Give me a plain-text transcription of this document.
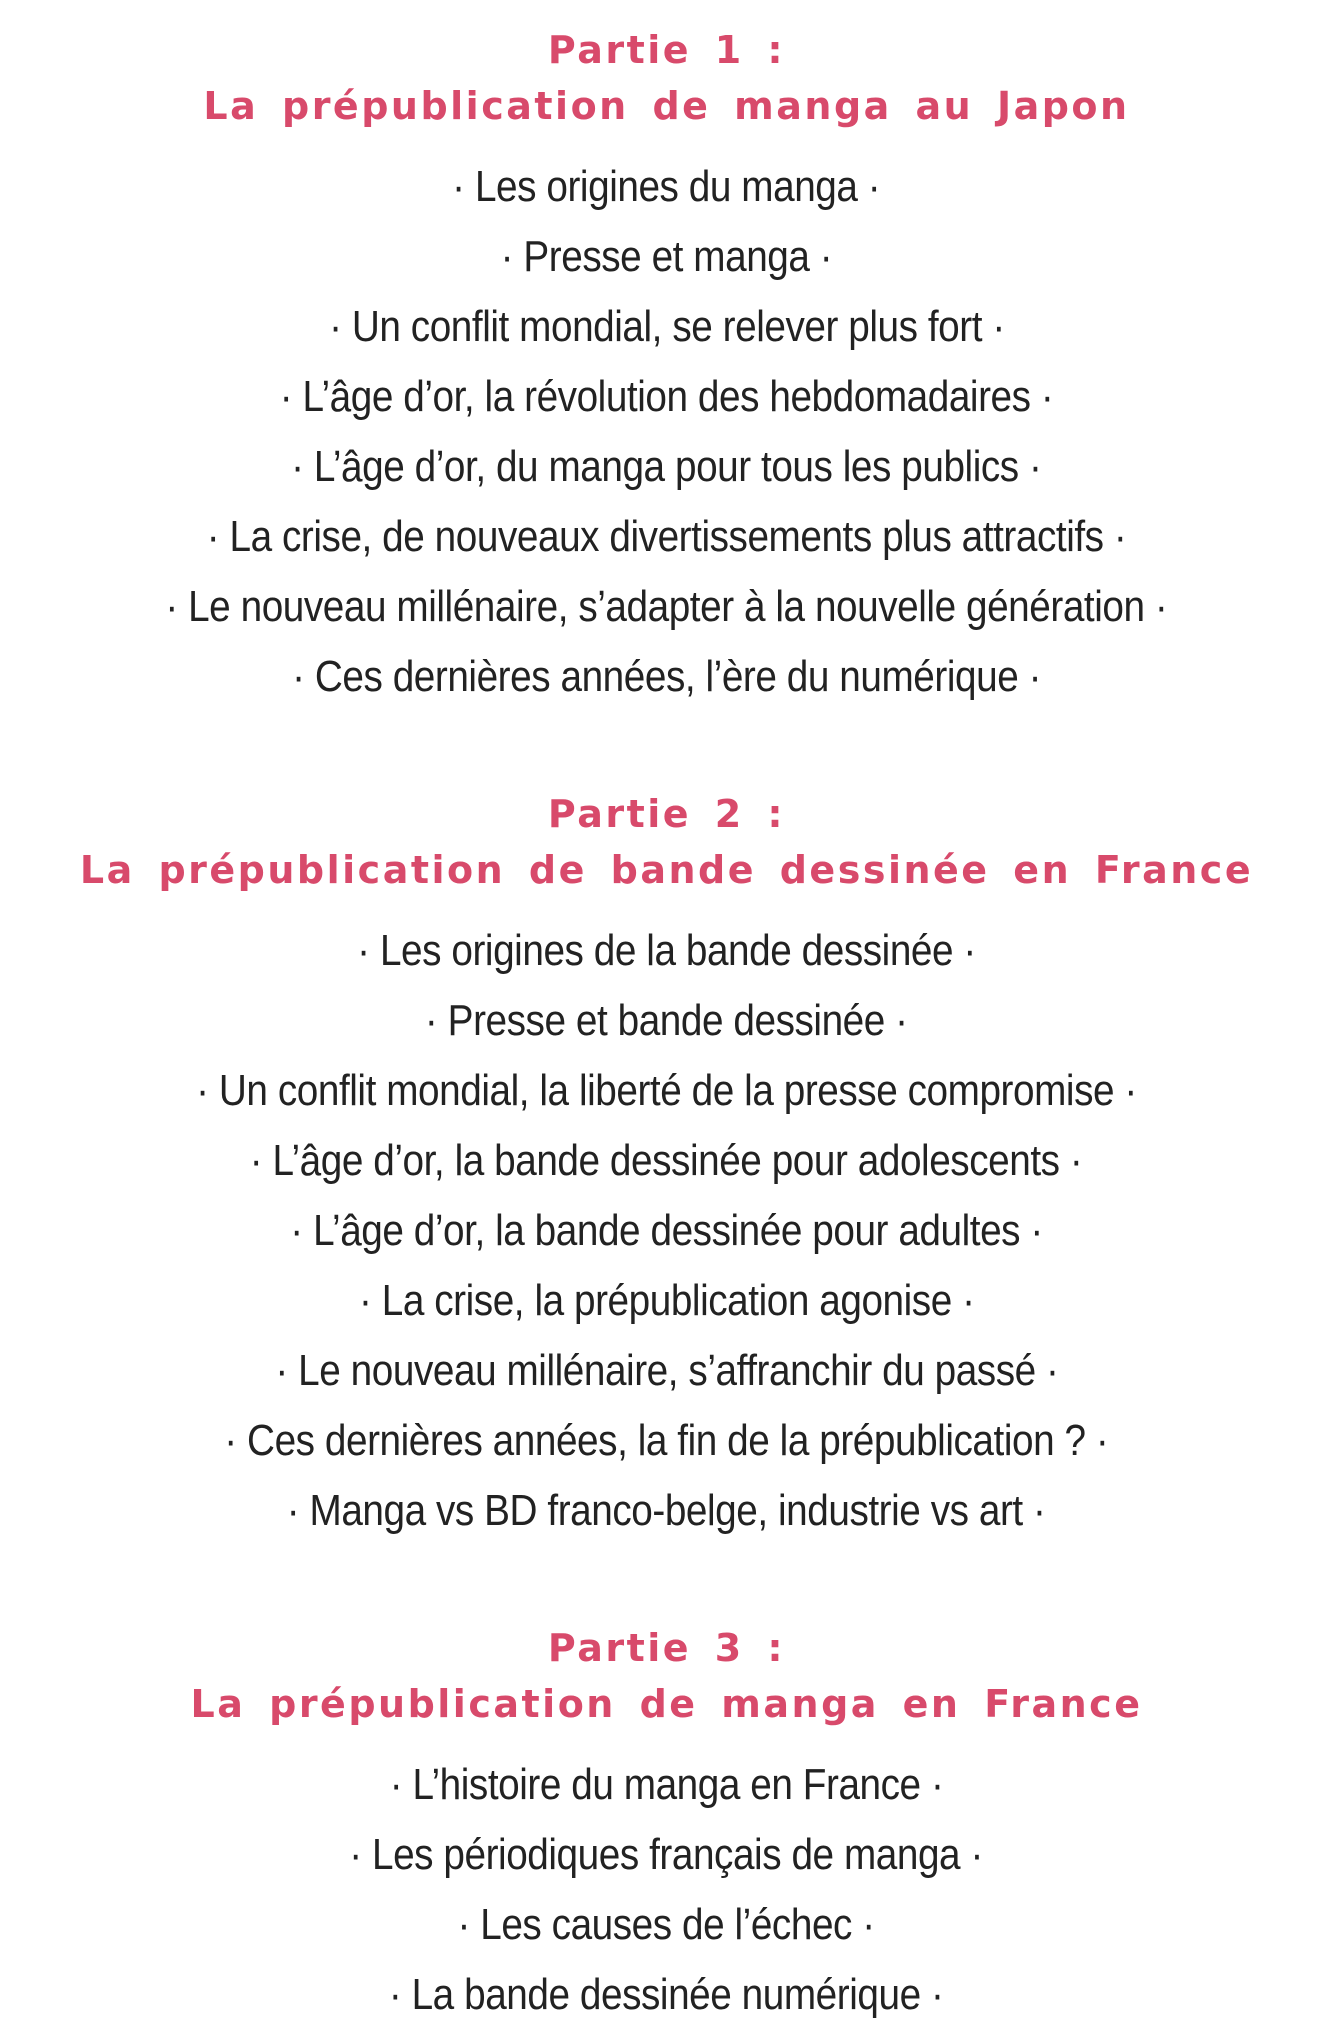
Partie 1 :
La prépublication de manga au Japon

· Les origines du manga ·

· Presse et manga ·

· Un conflit mondial, se relever plus fort ·

· L’âge d’or, la révolution des hebdomadaires ·

· L’âge d’or, du manga pour tous les publics ·

· La crise, de nouveaux divertissements plus attractifs ·

· Le nouveau millénaire, s’adapter à la nouvelle génération ·

· Ces dernières années, l’ère du numérique ·

Partie 2 :
La prépublication de bande dessinée en France

· Les origines de la bande dessinée ·

· Presse et bande dessinée ·

· Un conflit mondial, la liberté de la presse compromise ·

· L’âge d’or, la bande dessinée pour adolescents ·

· L’âge d’or, la bande dessinée pour adultes ·

· La crise, la prépublication agonise ·

· Le nouveau millénaire, s’affranchir du passé ·

· Ces dernières années, la fin de la prépublication ? ·

· Manga vs BD franco-belge, industrie vs art ·

Partie 3 :
La prépublication de manga en France

· L’histoire du manga en France ·

· Les périodiques français de manga ·

· Les causes de l’échec ·

· La bande dessinée numérique ·
